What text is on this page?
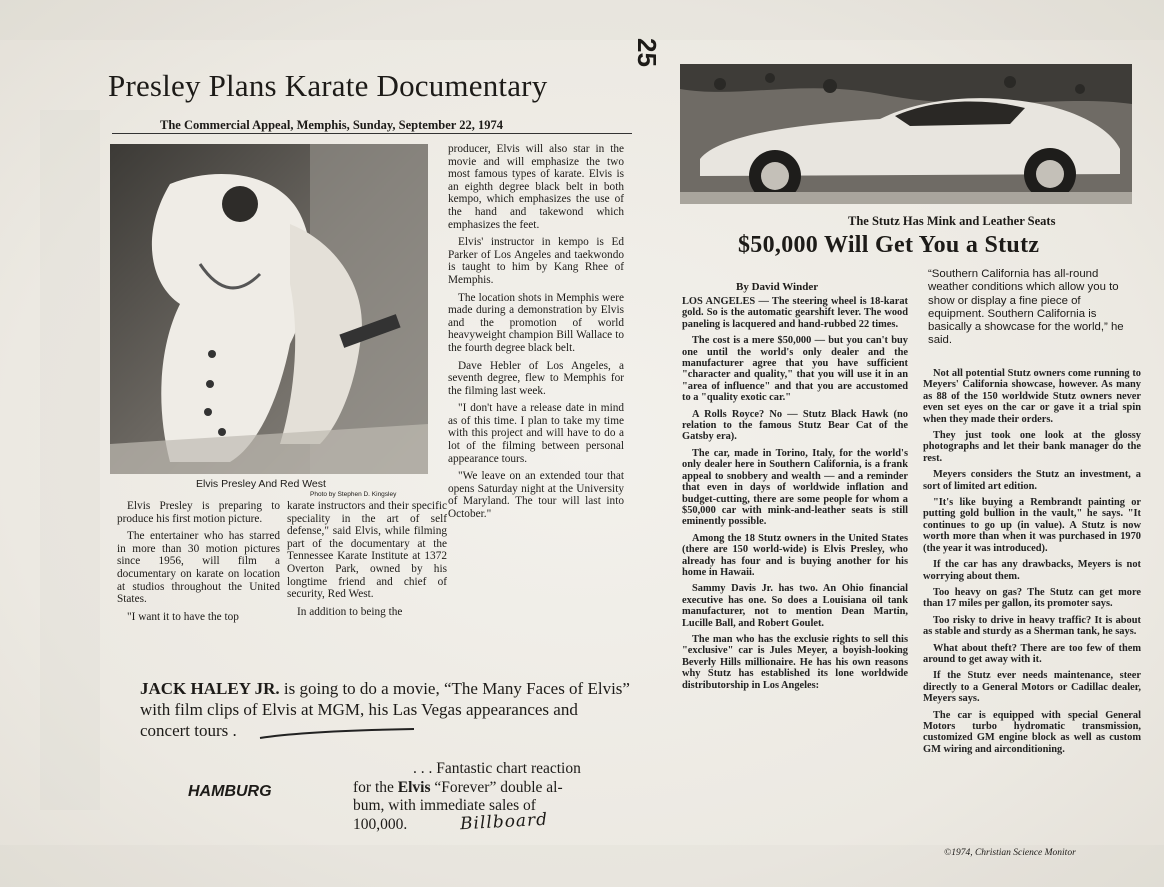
25
Presley Plans Karate Documentary
The Commercial Appeal, Memphis, Sunday, September 22, 1974
Elvis Presley And Red West
Photo by Stephen D. Kingsley

Elvis Presley is preparing to produce his first motion picture.

The entertainer who has starred in more than 30 motion pictures since 1956, will film a documentary on karate on location at studios throughout the United States.

"I want it to have the top

karate instructors and their specific speciality in the art of self defense," said Elvis, while filming part of the documentary at the Tennessee Karate Institute at 1372 Overton Park, owned by his longtime friend and chief of security, Red West.

In addition to being the

producer, Elvis will also star in the movie and will emphasize the two most famous types of karate. Elvis is an eighth degree black belt in both kempo, which emphasizes the use of the hand and takewond which emphasizes the feet.

Elvis' instructor in kempo is Ed Parker of Los Angeles and taekwondo is taught to him by Kang Rhee of Memphis.

The location shots in Memphis were made during a demonstration by Elvis and the promotion of world heavyweight champion Bill Wallace to the fourth degree black belt.

Dave Hebler of Los Angeles, a seventh degree, flew to Memphis for the filming last week.

"I don't have a release date in mind as of this time. I plan to take my time with this project and will have to do a lot of the filming between personal appearance tours.

"We leave on an extended tour that opens Saturday night at the University of Maryland. The tour will last into October."

JACK HALEY JR. is going to do a movie, “The Many Faces of Elvis” with film clips of Elvis at MGM, his Las Vegas appearances and concert tours .
HAMBURG
. . . Fantastic chart reaction
for the Elvis “Forever” double al-
bum, with immediate sales of
100,000.	Billboard
The Stutz Has Mink and Leather Seats
$50,000 Will Get You a Stutz
By David Winder

LOS ANGELES — The steering wheel is 18-karat gold. So is the automatic gearshift lever. The wood paneling is lacquered and hand-rubbed 22 times.

The cost is a mere $50,000 — but you can't buy one until the world's only dealer and the manufacturer agree that you have sufficient "character and quality," that you will use it in an "area of influence" and that you are accustomed to a "quality exotic car."

A Rolls Royce? No — Stutz Black Hawk (no relation to the famous Stutz Bear Cat of the Gatsby era).

The car, made in Torino, Italy, for the world's only dealer here in Southern California, is a frank appeal to snobbery and wealth — and a reminder that even in days of worldwide inflation and budget-cutting, there are some people for whom a $50,000 car with mink-and-leather seats is still eminently possible.

Among the 18 Stutz owners in the United States (there are 150 world-wide) is Elvis Presley, who already has four and is buying another for his home in Hawaii.

Sammy Davis Jr. has two. An Ohio financial executive has one. So does a Louisiana oil tank manufacturer, not to mention Dean Martin, Lucille Ball, and Robert Goulet.

The man who has the exclusie rights to sell this "exclusive" car is Jules Meyer, a boyish-looking Beverly Hills millionaire. He has his own reasons why Stutz has established its lone worldwide distributorship in Los Angeles:

“Southern California has all-round weather conditions which allow you to show or display a fine piece of equipment. Southern California is basically a showcase for the world,” he said.

Not all potential Stutz owners come running to Meyers' California showcase, however. As many as 88 of the 150 worldwide Stutz owners never even set eyes on the car or gave it a trial spin when they made their orders.

They just took one look at the glossy photographs and let their bank manager do the rest.

Meyers considers the Stutz an investment, a sort of limited art edition.

"It's like buying a Rembrandt painting or putting gold bullion in the vault," he says. "It continues to go up (in value). A Stutz is now worth more than when it was purchased in 1970 (the year it was introduced).

If the car has any drawbacks, Meyers is not worrying about them.

Too heavy on gas? The Stutz can get more than 17 miles per gallon, its promoter says.

Too risky to drive in heavy traffic? It is about as stable and sturdy as a Sherman tank, he says.

What about theft? There are too few of them around to get away with it.

If the Stutz ever needs maintenance, steer directly to a General Motors or Cadillac dealer, Meyers says.

The car is equipped with special General Motors turbo hydromatic transmission, customized GM engine block as well as custom GM wiring and airconditioning.

©1974, Christian Science Monitor
